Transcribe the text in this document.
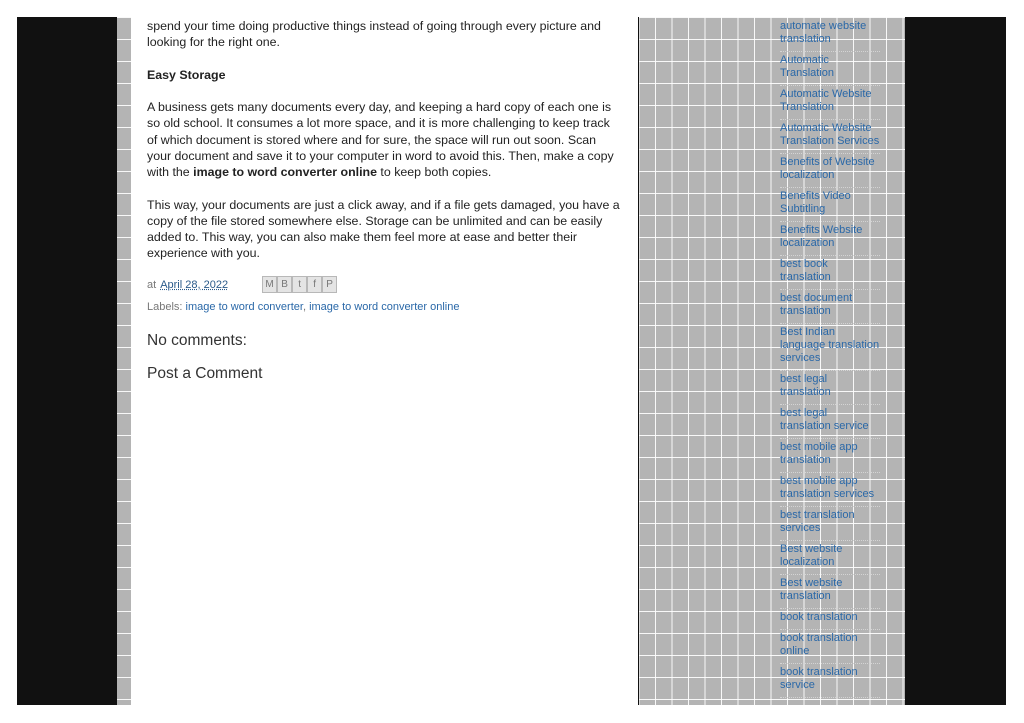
spend your time doing productive things instead of going through every picture and looking for the right one.

Easy Storage

A business gets many documents every day, and keeping a hard copy of each one is so old school. It consumes a lot more space, and it is more challenging to keep track of which document is stored where and for sure, the space will run out soon. Scan your document and save it to your computer in word to avoid this. Then, make a copy with the image to word converter online to keep both copies.

This way, your documents are just a click away, and if a file gets damaged, you have a copy of the file stored somewhere else. Storage can be unlimited and can be easily added to. This way, you can also make them feel more at ease and better their experience with you.

at April 28, 2022	M B	t	f	P
Labels: image to word converter, image to word converter online
No comments:
Post a Comment
automate website translation
Automatic Translation
Automatic Website Translation
Automatic Website Translation Services
Benefits of Website localization
Benefits Video Subtitling
Benefits Website localization
best book translation
best document translation
Best Indian language translation services
best legal translation
best legal translation service
best mobile app translation
best mobile app translation services
best translation services
Best website localization
Best website translation
book translation
book translation online
book translation service
